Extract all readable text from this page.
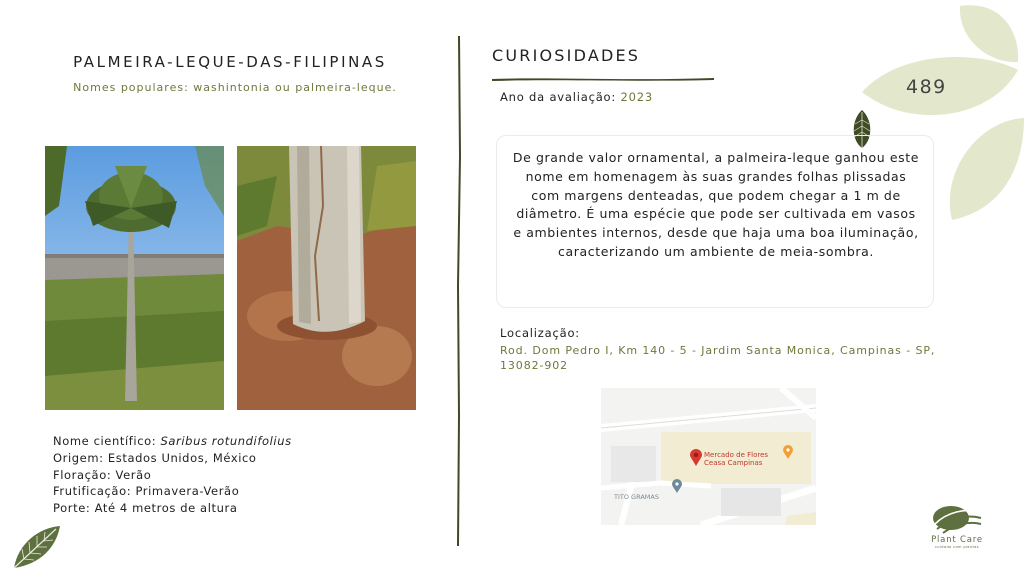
PALMEIRA-LEQUE-DAS-FILIPINAS
Nomes populares: washintonia ou palmeira-leque.
Nome científico: Saribus rotundifolius
Origem: Estados Unidos, México
Floração: Verão
Frutificação: Primavera-Verão
Porte: Até 4 metros de altura
CURIOSIDADES
Ano da avaliação: 2023	489
De grande valor ornamental, a palmeira-leque ganhou este nome em homenagem às suas grandes folhas plissadas com margens denteadas, que podem chegar a 1 m de diâmetro. É uma espécie que pode ser cultivada em vasos e ambientes internos, desde que haja uma boa iluminação, caracterizando um ambiente de meia-sombra.
Localização:
Rod. Dom Pedro I, Km 140 - 5 - Jardim Santa Monica, Campinas - SP, 13082-902
Mercado de Flores
Ceasa Campinas
TITO GRAMAS
Plant Care
cuidado com plantas
